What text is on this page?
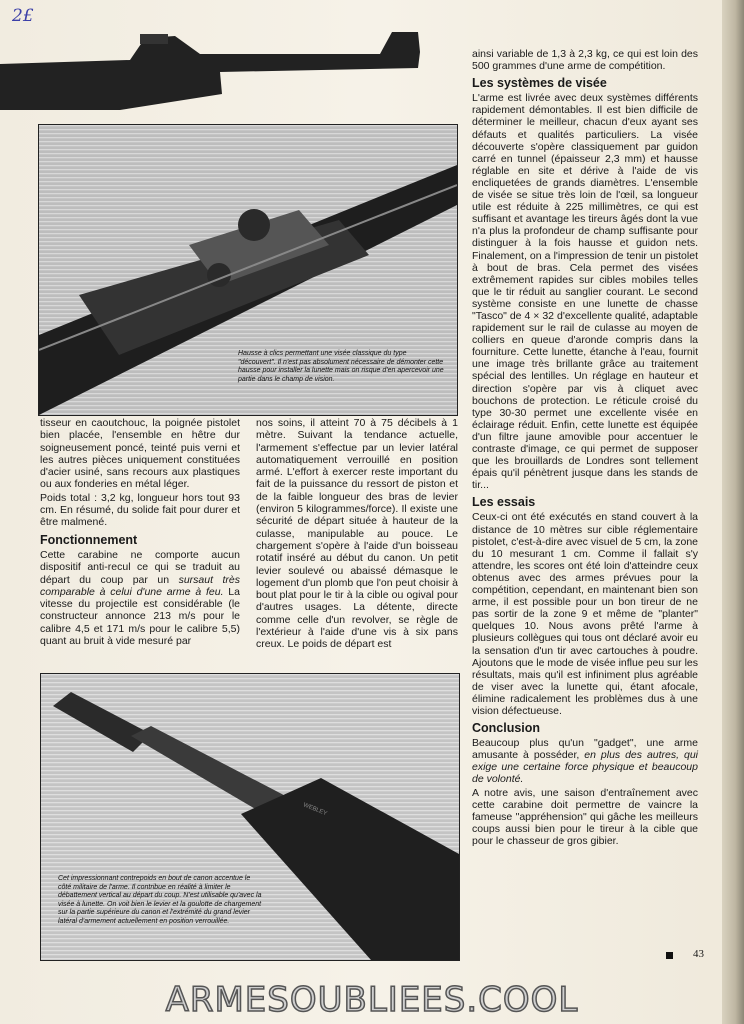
2£
Hausse à clics permettant une visée classique du type "découvert". Il n'est pas absolument nécessaire de démonter cette hausse pour installer la lunette mais on risque d'en apercevoir une partie dans le champ de vision.
WEBLEY
Cet impressionnant contrepoids en bout de canon accentue le côté militaire de l'arme. Il contribue en réalité à limiter le débattement vertical au départ du coup. N'est utilisable qu'avec la visée à lunette. On voit bien le levier et la goulotte de chargement sur la partie supérieure du canon et l'extrémité du grand levier latéral d'armement actuellement en position verrouillée.

tisseur en caoutchouc, la poignée pistolet bien placée, l'ensemble en hêtre dur soigneusement poncé, teinté puis verni et les autres pièces uniquement constituées d'acier usiné, sans recours aux plastiques ou aux fonderies en métal léger.

Poids total : 3,2 kg, longueur hors tout 93 cm. En résumé, du solide fait pour durer et être malmené.

Fonctionnement

Cette carabine ne comporte aucun dispositif anti-recul ce qui se traduit au départ du coup par un sursaut très comparable à celui d'une arme à feu. La vitesse du projectile est considérable (le constructeur annonce 213 m/s pour le calibre 4,5 et 171 m/s pour le calibre 5,5) quant au bruit à vide mesuré par

nos soins, il atteint 70 à 75 décibels à 1 mètre. Suivant la tendance actuelle, l'armement s'effectue par un levier latéral automatiquement verrouillé en position armé. L'effort à exercer reste important du fait de la puissance du ressort de piston et de la faible longueur des bras de levier (environ 5 kilogrammes/force). Il existe une sécurité de départ située à hauteur de la culasse, manipulable au pouce. Le chargement s'opère à l'aide d'un boisseau rotatif inséré au début du canon. Un petit levier soulevé ou abaissé démasque le logement d'un plomb que l'on peut choisir à bout plat pour le tir à la cible ou ogival pour d'autres usages. La détente, directe comme celle d'un revolver, se règle de l'extérieur à l'aide d'une vis à six pans creux. Le poids de départ est

ainsi variable de 1,3 à 2,3 kg, ce qui est loin des 500 grammes d'une arme de compétition.

Les systèmes de visée

L'arme est livrée avec deux systèmes différents rapidement démontables. Il est bien difficile de déterminer le meilleur, chacun d'eux ayant ses défauts et qualités particuliers. La visée découverte s'opère classiquement par guidon carré en tunnel (épaisseur 2,3 mm) et hausse réglable en site et dérive à l'aide de vis encliquetées de grands diamètres. L'ensemble de visée se situe très loin de l'œil, sa longueur utile est réduite à 225 millimètres, ce qui est suffisant et avantage les tireurs âgés dont la vue n'a plus la profondeur de champ suffisante pour distinguer à la fois hausse et guidon nets. Finalement, on a l'impression de tenir un pistolet à bout de bras. Cela permet des visées extrêmement rapides sur cibles mobiles telles que le tir réduit au sanglier courant. Le second système consiste en une lunette de chasse "Tasco" de 4 × 32 d'excellente qualité, adaptable rapidement sur le rail de culasse au moyen de colliers en queue d'aronde compris dans la fourniture. Cette lunette, étanche à l'eau, fournit une image très brillante grâce au traitement spécial des lentilles. Un réglage en hauteur et direction s'opère par vis à cliquet avec bouchons de protection. Le réticule croisé du type 30-30 permet une excellente visée en éclairage réduit. Enfin, cette lunette est équipée d'un filtre jaune amovible pour accentuer le contraste d'image, ce qui permet de supposer que les brouillards de Londres sont tellement épais qu'il pénètrent jusque dans les stands de tir...

Les essais

Ceux-ci ont été exécutés en stand couvert à la distance de 10 mètres sur cible réglementaire pistolet, c'est-à-dire avec visuel de 5 cm, la zone du 10 mesurant 1 cm. Comme il fallait s'y attendre, les scores ont été loin d'atteindre ceux obtenus avec des armes prévues pour la compétition, cependant, en maintenant bien son arme, il est possible pour un bon tireur de ne pas sortir de la zone 9 et même de "planter" quelques 10. Nous avons prêté l'arme à plusieurs collègues qui tous ont déclaré avoir eu la sensation d'un tir avec cartouches à poudre. Ajoutons que le mode de visée influe peu sur les résultats, mais qu'il est infiniment plus agréable de viser avec la lunette qui, étant afocale, élimine radicalement les problèmes dus à une vision défectueuse.

Conclusion

Beaucoup plus qu'un "gadget", une arme amusante à posséder, en plus des autres, qui exige une certaine force physique et beaucoup de volonté.

A notre avis, une saison d'entraînement avec cette carabine doit permettre de vaincre la fameuse "appréhension" qui gâche les meilleurs coups aussi bien pour le tireur à la cible que pour le chasseur de gros gibier.

43
ARMESOUBLIEES.COOL
